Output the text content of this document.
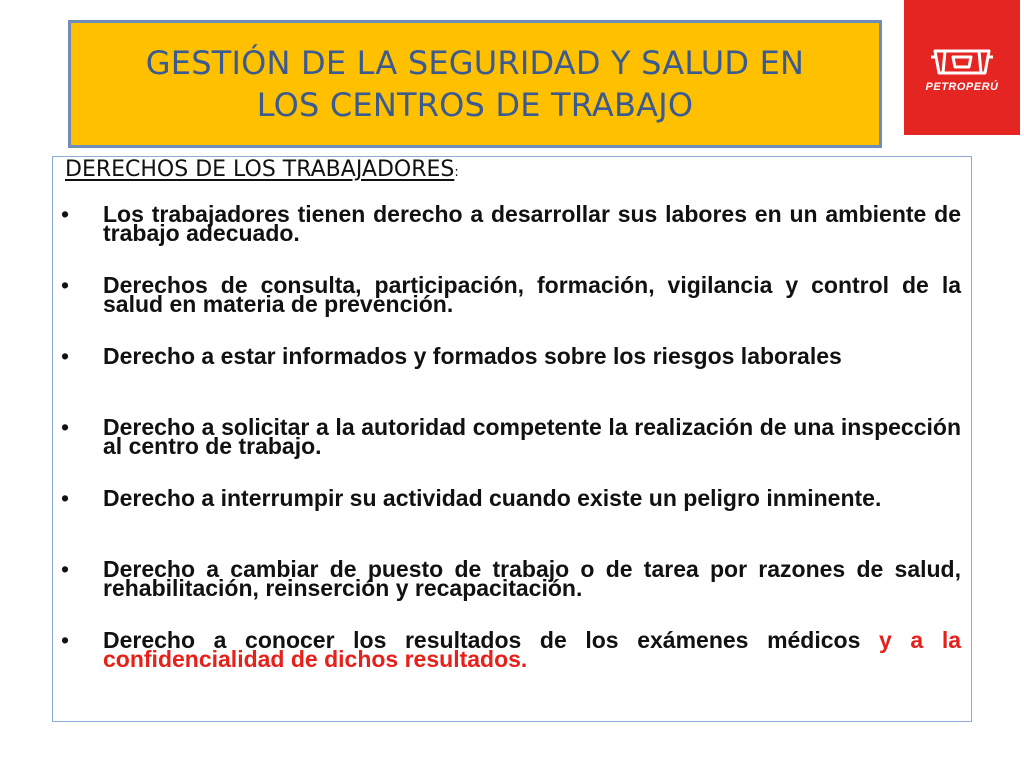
GESTIÓN DE LA SEGURIDAD Y SALUD EN
LOS CENTROS DE TRABAJO	PETROPERÚ
DERECHOS DE LOS TRABAJADORES:
• Los trabajadores tienen derecho a desarrollar sus labores en un ambiente de trabajo adecuado.
• Derechos de consulta, participación, formación, vigilancia y control de la salud en materia de prevención.
• Derecho a estar informados y formados sobre los riesgos laborales
• Derecho a solicitar a la autoridad competente la realización de una inspección al centro de trabajo.
• Derecho a interrumpir su actividad cuando existe un peligro inminente.
• Derecho a cambiar de puesto de trabajo o de tarea por razones de salud, rehabilitación, reinserción y recapacitación.
• Derecho a conocer los resultados de los exámenes médicos y a la confidencialidad de dichos resultados.
